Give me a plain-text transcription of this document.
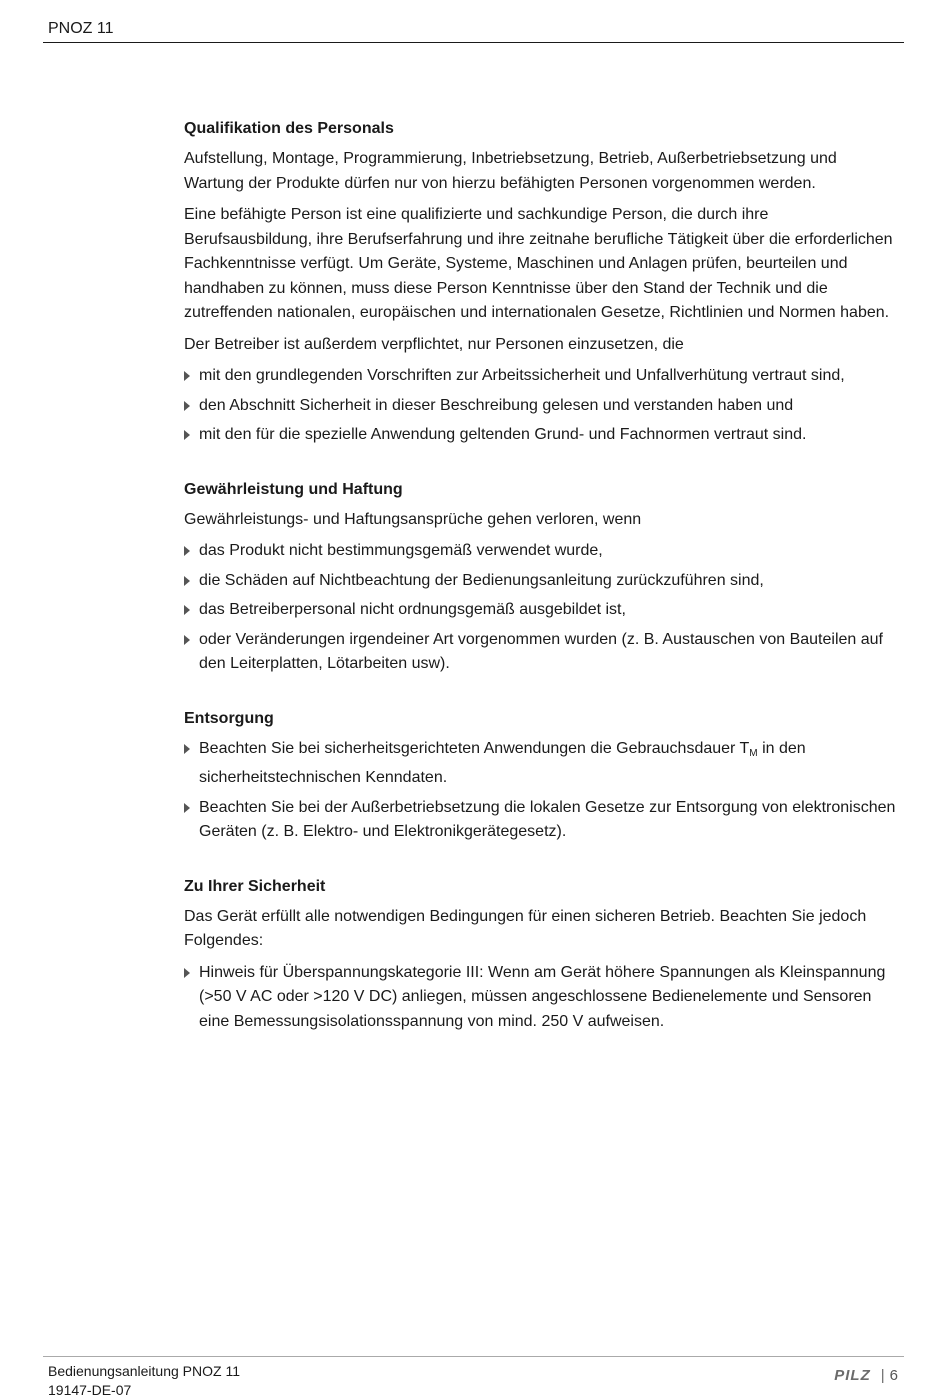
PNOZ 11
Qualifikation des Personals

Aufstellung, Montage, Programmierung, Inbetriebsetzung, Betrieb, Außerbetriebsetzung und Wartung der Produkte dürfen nur von hierzu befähigten Personen vorgenommen werden.

Eine befähigte Person ist eine qualifizierte und sachkundige Person, die durch ihre Berufsausbildung, ihre Berufserfahrung und ihre zeitnahe berufliche Tätigkeit über die erforderlichen Fachkenntnisse verfügt. Um Geräte, Systeme, Maschinen und Anlagen prüfen, beurteilen und handhaben zu können, muss diese Person Kenntnisse über den Stand der Technik und die zutreffenden nationalen, europäischen und internationalen Gesetze, Richtlinien und Normen haben.

Der Betreiber ist außerdem verpflichtet, nur Personen einzusetzen, die

mit den grundlegenden Vorschriften zur Arbeitssicherheit und Unfallverhütung vertraut sind,
den Abschnitt Sicherheit in dieser Beschreibung gelesen und verstanden haben und
mit den für die spezielle Anwendung geltenden Grund- und Fachnormen vertraut sind.
Gewährleistung und Haftung

Gewährleistungs- und Haftungsansprüche gehen verloren, wenn

das Produkt nicht bestimmungsgemäß verwendet wurde,
die Schäden auf Nichtbeachtung der Bedienungsanleitung zurückzuführen sind,
das Betreiberpersonal nicht ordnungsgemäß ausgebildet ist,
oder Veränderungen irgendeiner Art vorgenommen wurden (z. B. Austauschen von Bauteilen auf den Leiterplatten, Lötarbeiten usw).
Entsorgung
Beachten Sie bei sicherheitsgerichteten Anwendungen die Gebrauchsdauer $T_M$ in den sicherheitstechnischen Kenndaten.
Beachten Sie bei der Außerbetriebsetzung die lokalen Gesetze zur Entsorgung von elektronischen Geräten (z. B. Elektro- und Elektronikgerätegesetz).
Zu Ihrer Sicherheit

Das Gerät erfüllt alle notwendigen Bedingungen für einen sicheren Betrieb. Beachten Sie jedoch Folgendes:

Hinweis für Überspannungskategorie III: Wenn am Gerät höhere Spannungen als Kleinspannung (>50 V AC oder >120 V DC) anliegen, müssen angeschlossene Bedienelemente und Sensoren eine Bemessungsisolationsspannung von mind. 250 V aufweisen.
Bedienungsanleitung PNOZ 11
19147-DE-07
PILZ | 6
